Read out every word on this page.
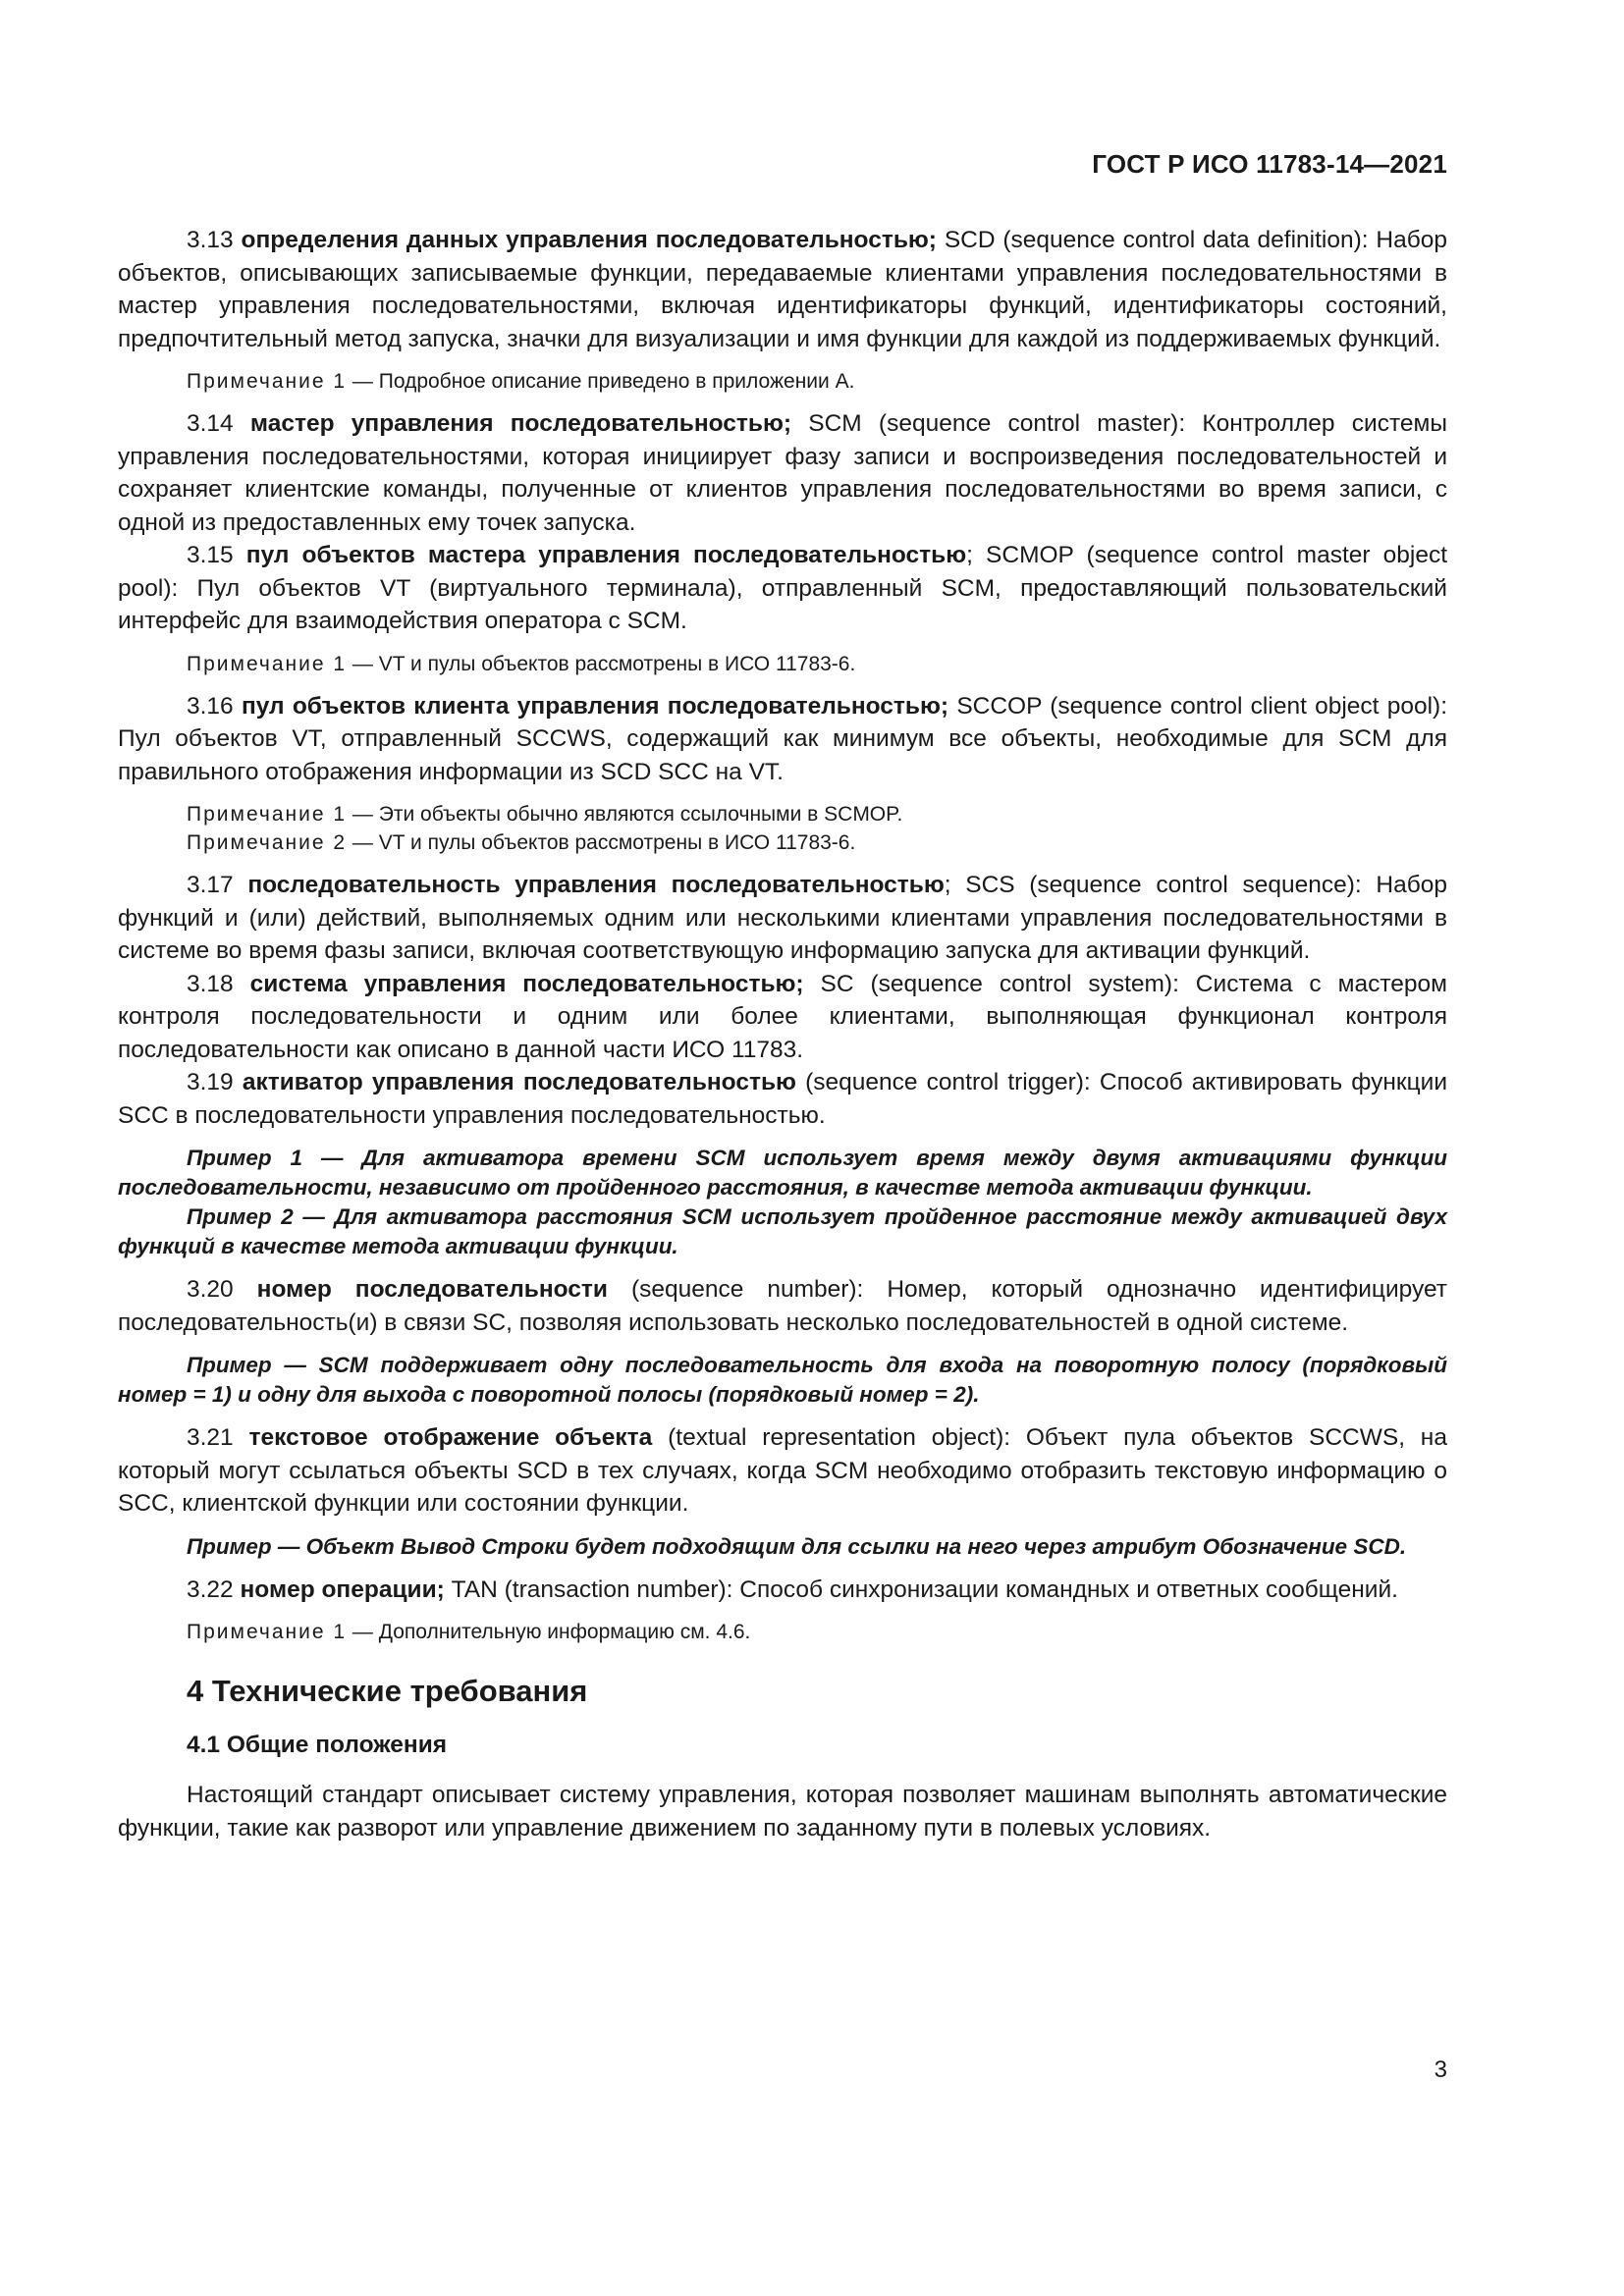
ГОСТ Р ИСО 11783-14—2021

3.13 определения данных управления последовательностью; SCD (sequence control data definition): Набор объектов, описывающих записываемые функции, передаваемые клиентами управления последовательностями в мастер управления последовательностями, включая идентификаторы функций, идентификаторы состояний, предпочтительный метод запуска, значки для визуализации и имя функции для каждой из поддерживаемых функций.

Примечание 1 — Подробное описание приведено в приложении А.

3.14 мастер управления последовательностью; SCM (sequence control master): Контроллер системы управления последовательностями, которая инициирует фазу записи и воспроизведения последовательностей и сохраняет клиентские команды, полученные от клиентов управления последовательностями во время записи, с одной из предоставленных ему точек запуска.

3.15 пул объектов мастера управления последовательностью; SCMOP (sequence control master object pool): Пул объектов VT (виртуального терминала), отправленный SCM, предоставляющий пользовательский интерфейс для взаимодействия оператора с SCM.

Примечание 1 — VT и пулы объектов рассмотрены в ИСО 11783-6.

3.16 пул объектов клиента управления последовательностью; SCCOP (sequence control client object pool): Пул объектов VT, отправленный SCCWS, содержащий как минимум все объекты, необходимые для SCM для правильного отображения информации из SCD SCC на VT.

Примечание 1 — Эти объекты обычно являются ссылочными в SCMOP.

Примечание 2 — VT и пулы объектов рассмотрены в ИСО 11783-6.

3.17 последовательность управления последовательностью; SCS (sequence control sequence): Набор функций и (или) действий, выполняемых одним или несколькими клиентами управления последовательностями в системе во время фазы записи, включая соответствующую информацию запуска для активации функций.

3.18 система управления последовательностью; SC (sequence control system): Система с мастером контроля последовательности и одним или более клиентами, выполняющая функционал контроля последовательности как описано в данной части ИСО 11783.

3.19 активатор управления последовательностью (sequence control trigger): Способ активировать функции SCC в последовательности управления последовательностью.

Пример 1 — Для активатора времени SCM использует время между двумя активациями функции последовательности, независимо от пройденного расстояния, в качестве метода активации функции.

Пример 2 — Для активатора расстояния SCM использует пройденное расстояние между активацией двух функций в качестве метода активации функции.

3.20 номер последовательности (sequence number): Номер, который однозначно идентифицирует последовательность(и) в связи SC, позволяя использовать несколько последовательностей в одной системе.

Пример — SCM поддерживает одну последовательность для входа на поворотную полосу (порядковый номер = 1) и одну для выхода с поворотной полосы (порядковый номер = 2).

3.21 текстовое отображение объекта (textual representation object): Объект пула объектов SCCWS, на который могут ссылаться объекты SCD в тех случаях, когда SCM необходимо отобразить текстовую информацию о SCC, клиентской функции или состоянии функции.

Пример — Объект Вывод Строки будет подходящим для ссылки на него через атрибут Обозначение SCD.

3.22 номер операции; TAN (transaction number): Способ синхронизации командных и ответных сообщений.

Примечание 1 — Дополнительную информацию см. 4.6.

4 Технические требования
4.1 Общие положения

Настоящий стандарт описывает систему управления, которая позволяет машинам выполнять автоматические функции, такие как разворот или управление движением по заданному пути в полевых условиях.

3
